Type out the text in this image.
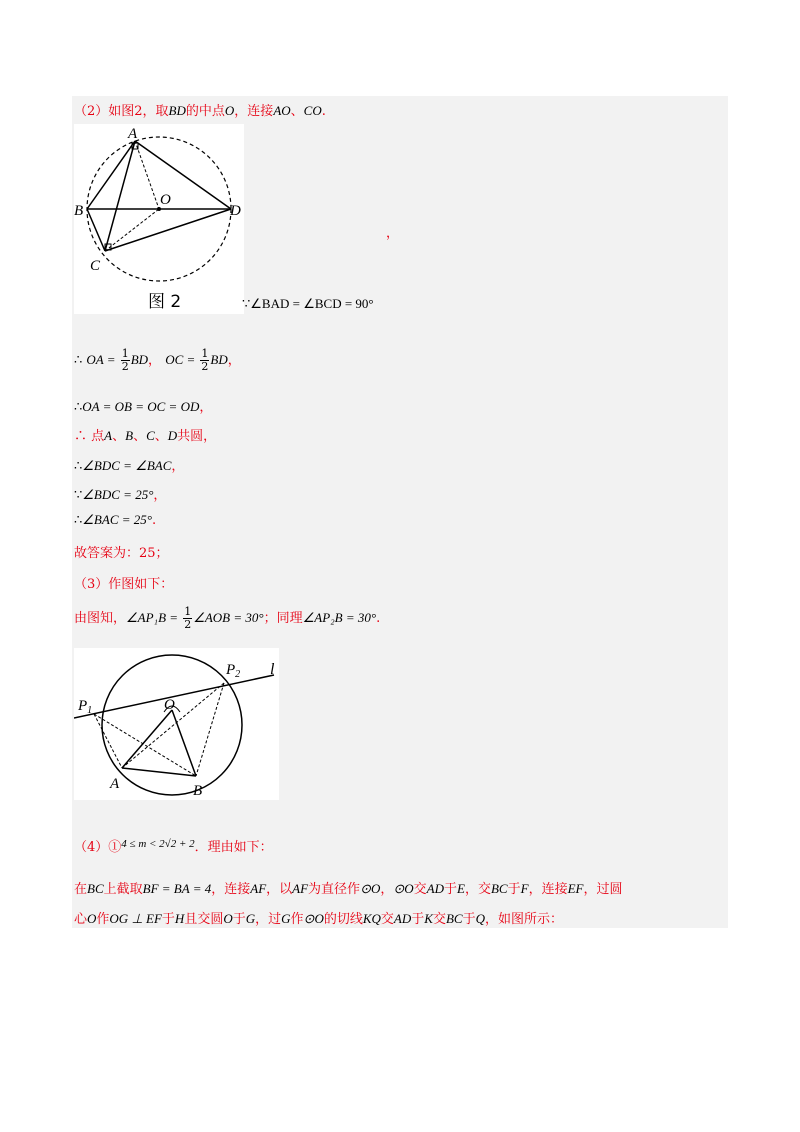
（2）如图2，取BD的中点O，连接AO、CO.
A
B
C
D
O
图 2
，
∵∠BAD = ∠BCD = 90°
∴ OA = $\frac{1}{2}$ BD， OC = $\frac{1}{2}$ BD，
∴OA = OB = OC = OD，
∴ 点A、B、C、D共圆，
∴∠BDC = ∠BAC，
∵∠BDC = 25°，
∴∠BAC = 25°.
故答案为：25；
（3）作图如下：
由图知，∠AP₁B = $\frac{1}{2}$ ∠AOB = 30°；同理∠AP₂B = 30°.
$P_1$
$P_2$ l
O
A	B
（4）①$^{4 \le m < 2√2 + 2}$．理由如下：
在BC上截取BF = BA = 4，连接AF，以AF为直径作⊙O，⊙O交AD于E，交BC于F，连接EF，过圆
心O作OG ⊥ EF于H且交圆O于G，过G作⊙O的切线KQ交AD于K交BC于Q，如图所示：
